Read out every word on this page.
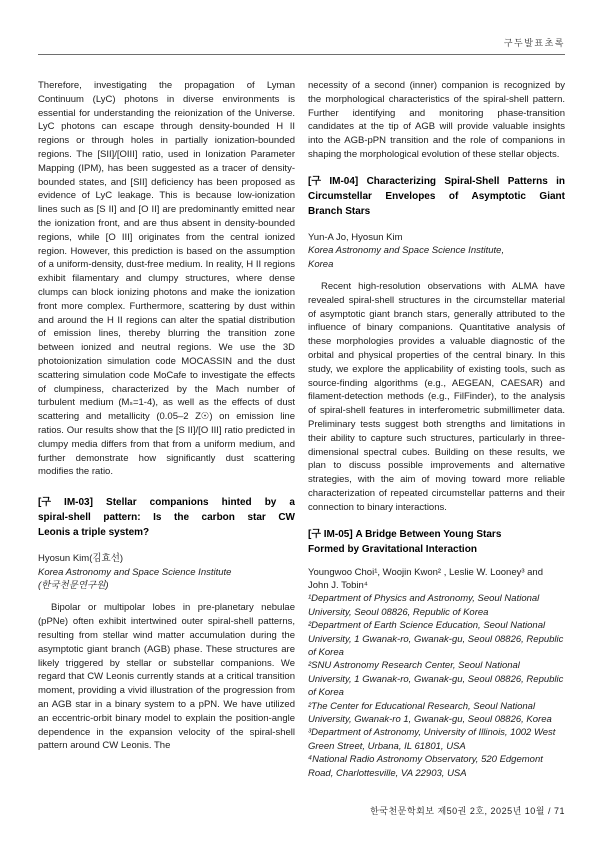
구두발표초록
Therefore, investigating the propagation of Lyman Continuum (LyC) photons in diverse environments is essential for understanding the reionization of the Universe. LyC photons can escape through density-bounded H II regions or through holes in partially ionization-bounded regions. The [SII]/[OIII] ratio, used in Ionization Parameter Mapping (IPM), has been suggested as a tracer of density-bounded states, and [SII] deficiency has been proposed as evidence of LyC leakage. This is because low-ionization lines such as [S II] and [O II] are predominantly emitted near the ionization front, and are thus absent in density-bounded regions, while [O III] originates from the central ionized region. However, this prediction is based on the assumption of a uniform-density, dust-free medium. In reality, H II regions exhibit filamentary and clumpy structures, where dense clumps can block ionizing photons and make the ionization front more complex. Furthermore, scattering by dust within and around the H II regions can alter the spatial distribution of emission lines, thereby blurring the transition zone between ionized and neutral regions. We use the 3D photoionization simulation code MOCASSIN and the dust scattering simulation code MoCafe to investigate the effects of clumpiness, characterized by the Mach number of turbulent medium (Mₛ=1-4), as well as the effects of dust scattering and metallicity (0.05–2 Z☉) on emission line ratios. Our results show that the [S II]/[O III] ratio predicted in clumpy media differs from that from a uniform medium, and further demonstrate how significantly dust scattering modifies the ratio.
[구 IM-03] Stellar companions hinted by a
spiral-shell pattern: Is the carbon star CW
Leonis a triple system?
Hyosun Kim(김효선)
Korea Astronomy and Space Science Institute
(한국천문연구원)
Bipolar or multipolar lobes in pre-planetary nebulae (pPNe) often exhibit intertwined outer spiral-shell patterns, resulting from stellar wind matter accumulation during the asymptotic giant branch (AGB) phase. These structures are likely triggered by stellar or substellar companions. We regard that CW Leonis currently stands at a critical transition moment, providing a vivid illustration of the progression from an AGB star in a binary system to a pPN. We have utilized an eccentric-orbit binary model to explain the position-angle dependence in the expansion velocity of the spiral-shell pattern around CW Leonis. The
necessity of a second (inner) companion is recognized by the morphological characteristics of the spiral-shell pattern. Further identifying and monitoring phase-transition candidates at the tip of AGB will provide valuable insights into the AGB-pPN transition and the role of companions in shaping the morphological evolution of these stellar objects.
[구 IM-04] Characterizing Spiral-Shell Patterns in
Circumstellar Envelopes of Asymptotic Giant
Branch Stars
Yun-A Jo, Hyosun Kim
Korea Astronomy and Space Science Institute,
Korea
Recent high-resolution observations with ALMA have revealed spiral-shell structures in the circumstellar material of asymptotic giant branch stars, generally attributed to the influence of binary companions. Quantitative analysis of these morphologies provides a valuable diagnostic of the orbital and physical properties of the central binary. In this study, we explore the applicability of existing tools, such as source-finding algorithms (e.g., AEGEAN, CAESAR) and filament-detection methods (e.g., FilFinder), to the analysis of spiral-shell features in interferometric submillimeter data. Preliminary tests suggest both strengths and limitations in their ability to capture such structures, particularly in three-dimensional spectral cubes. Building on these results, we plan to discuss possible improvements and alternative strategies, with the aim of moving toward more reliable characterization of repeated circumstellar patterns and their connection to binary interactions.
[구 IM-05] A Bridge Between Young Stars
Formed by Gravitational Interaction
Youngwoo Choi¹, Woojin Kwon² , Leslie W. Looney³ and
John J. Tobin⁴
¹Department of Physics and Astronomy, Seoul National University, Seoul 08826, Republic of Korea
²Department of Earth Science Education, Seoul National University, 1 Gwanak-ro, Gwanak-gu, Seoul 08826, Republic of Korea
²SNU Astronomy Research Center, Seoul National University, 1 Gwanak-ro, Gwanak-gu, Seoul 08826, Republic of Korea
²The Center for Educational Research, Seoul National University, Gwanak-ro 1, Gwanak-gu, Seoul 08826, Korea
³Department of Astronomy, University of Illinois, 1002 West Green Street, Urbana, IL 61801, USA
⁴National Radio Astronomy Observatory, 520 Edgemont Road, Charlottesville, VA 22903, USA
한국천문학회보 제50권 2호, 2025년 10월 / 71
